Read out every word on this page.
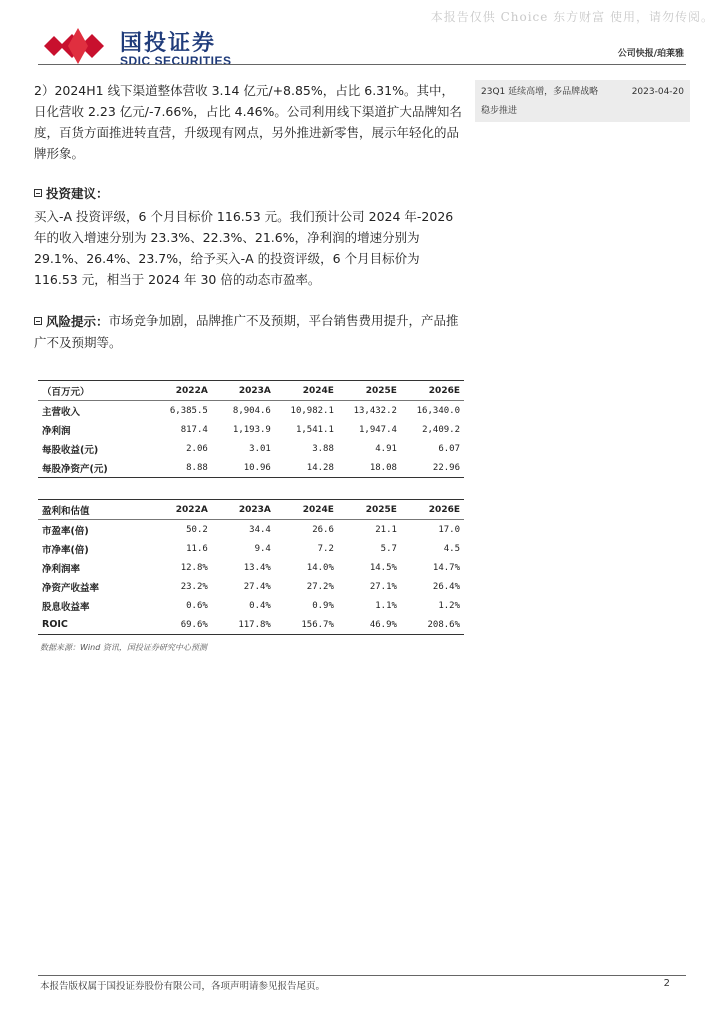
本报告仅供 Choice 东方财富 使用，请勿传阅。
国投证券
SDIC SECURITIES	公司快报/珀莱雅
23Q1 延续高增，多品牌战略	2023-04-20
稳步推进

2）2024H1 线下渠道整体营收 3.14 亿元/+8.85%，占比 6.31%。其中，日化营收 2.23 亿元/-7.66%，占比 4.46%。公司利用线下渠道扩大品牌知名度，百货方面推进转直营，升级现有网点，另外推进新零售，展示年轻化的品牌形象。

投资建议：

买入-A 投资评级，6 个月目标价 116.53 元。我们预计公司 2024 年-2026 年的收入增速分别为 23.3%、22.3%、21.6%，净利润的增速分别为 29.1%、26.4%、23.7%，给予买入-A 的投资评级，6 个月目标价为 116.53 元，相当于 2024 年 30 倍的动态市盈率。

风险提示： 市场竞争加剧，品牌推广不及预期，平台销售费用提升，产品推广不及预期等。

（百万元）	2022A	2023A	2024E	2025E	2026E
主营收入	6,385.5	8,904.6	10,982.1	13,432.2	16,340.0
净利润	817.4	1,193.9	1,541.1	1,947.4	2,409.2
每股收益(元)	2.06	3.01	3.88	4.91	6.07
每股净资产(元)	8.88	10.96	14.28	18.08	22.96
盈利和估值	2022A	2023A	2024E	2025E	2026E
市盈率(倍)	50.2	34.4	26.6	21.1	17.0
市净率(倍)	11.6	9.4	7.2	5.7	4.5
净利润率	12.8%	13.4%	14.0%	14.5%	14.7%
净资产收益率	23.2%	27.4%	27.2%	27.1%	26.4%
股息收益率	0.6%	0.4%	0.9%	1.1%	1.2%
ROIC	69.6%	117.8%	156.7%	46.9%	208.6%
数据来源：Wind 资讯，国投证券研究中心预测
本报告版权属于国投证券股份有限公司，各项声明请参见报告尾页。	2
